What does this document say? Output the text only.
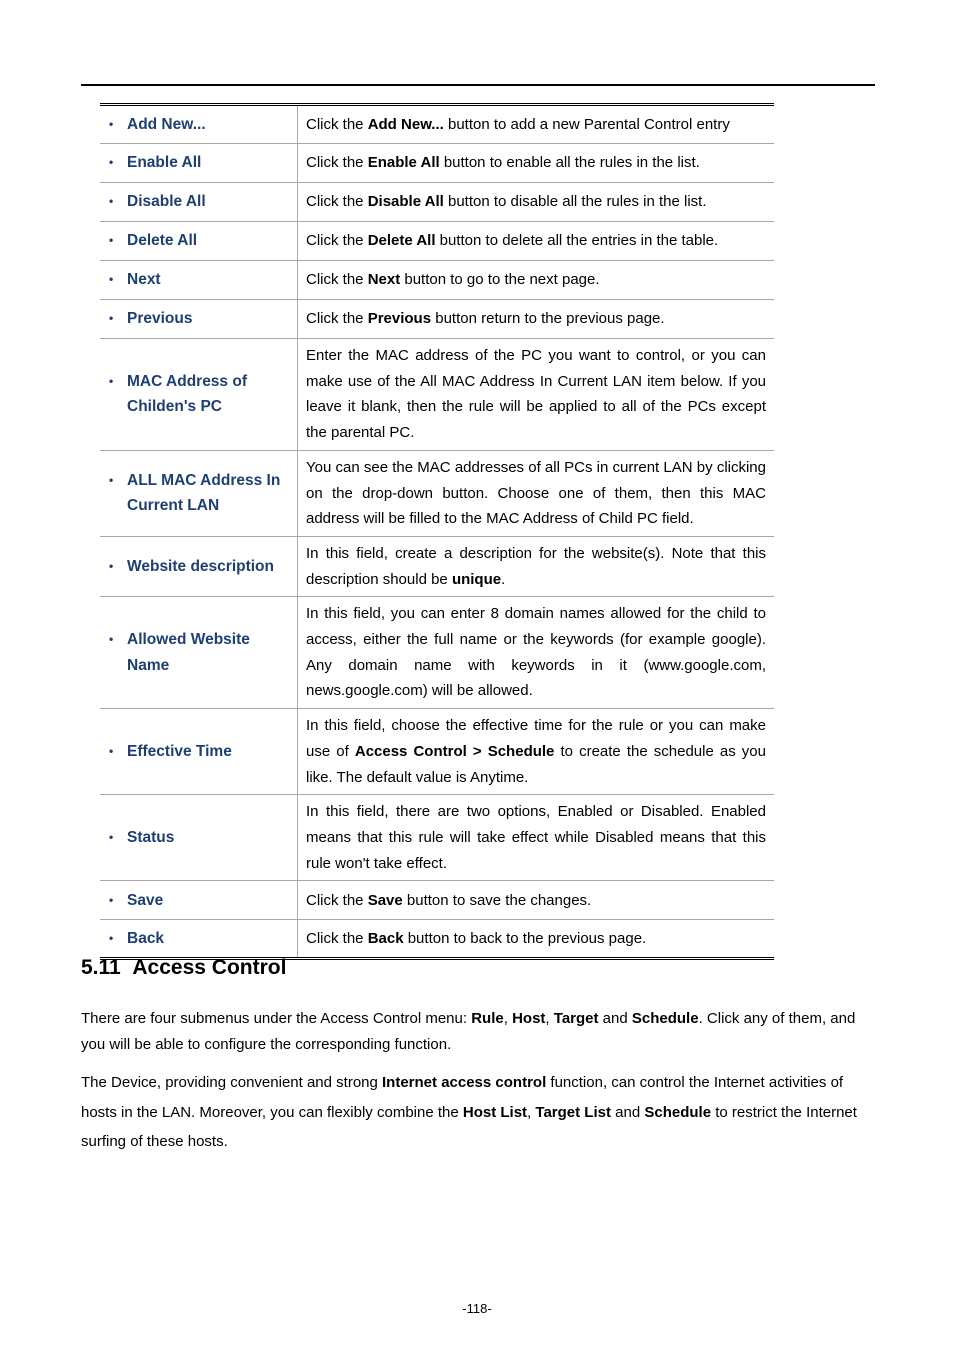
• Add New...	Click the Add New... button to add a new Parental Control entry

• Enable All	Click the Enable All button to enable all the rules in the list.

• Disable All	Click the Disable All button to disable all the rules in the list.

• Delete All	Click the Delete All button to delete all the entries in the table.

• Next	Click the Next button to go to the next page.

• Previous	Click the Previous button return to the previous page.

• MAC Address of Childen's PC	Enter the MAC address of the PC you want to control, or you can make use of the All MAC Address In Current LAN item below. If you leave it blank, then the rule will be applied to all of the PCs except the parental PC.

• ALL MAC Address In Current LAN	You can see the MAC addresses of all PCs in current LAN by clicking on the drop-down button. Choose one of them, then this MAC address will be filled to the MAC Address of Child PC field.

• Website description	In this field, create a description for the website(s). Note that this description should be unique.

• Allowed Website Name	In this field, you can enter 8 domain names allowed for the child to access, either the full name or the keywords (for example google). Any domain name with keywords in it (www.google.com, news.google.com) will be allowed.

• Effective Time	In this field, choose the effective time for the rule or you can make use of Access Control > Schedule to create the schedule as you like. The default value is Anytime.

• Status	In this field, there are two options, Enabled or Disabled. Enabled means that this rule will take effect while Disabled means that this rule won't take effect.

• Save	Click the Save button to save the changes.

• Back	Click the Back button to back to the previous page.
5.11 Access Control

There are four submenus under the Access Control menu: Rule, Host, Target and Schedule. Click any of them, and you will be able to configure the corresponding function.

The Device, providing convenient and strong Internet access control function, can control the Internet activities of hosts in the LAN. Moreover, you can flexibly combine the Host List, Target List and Schedule to restrict the Internet surfing of these hosts.

-118-
